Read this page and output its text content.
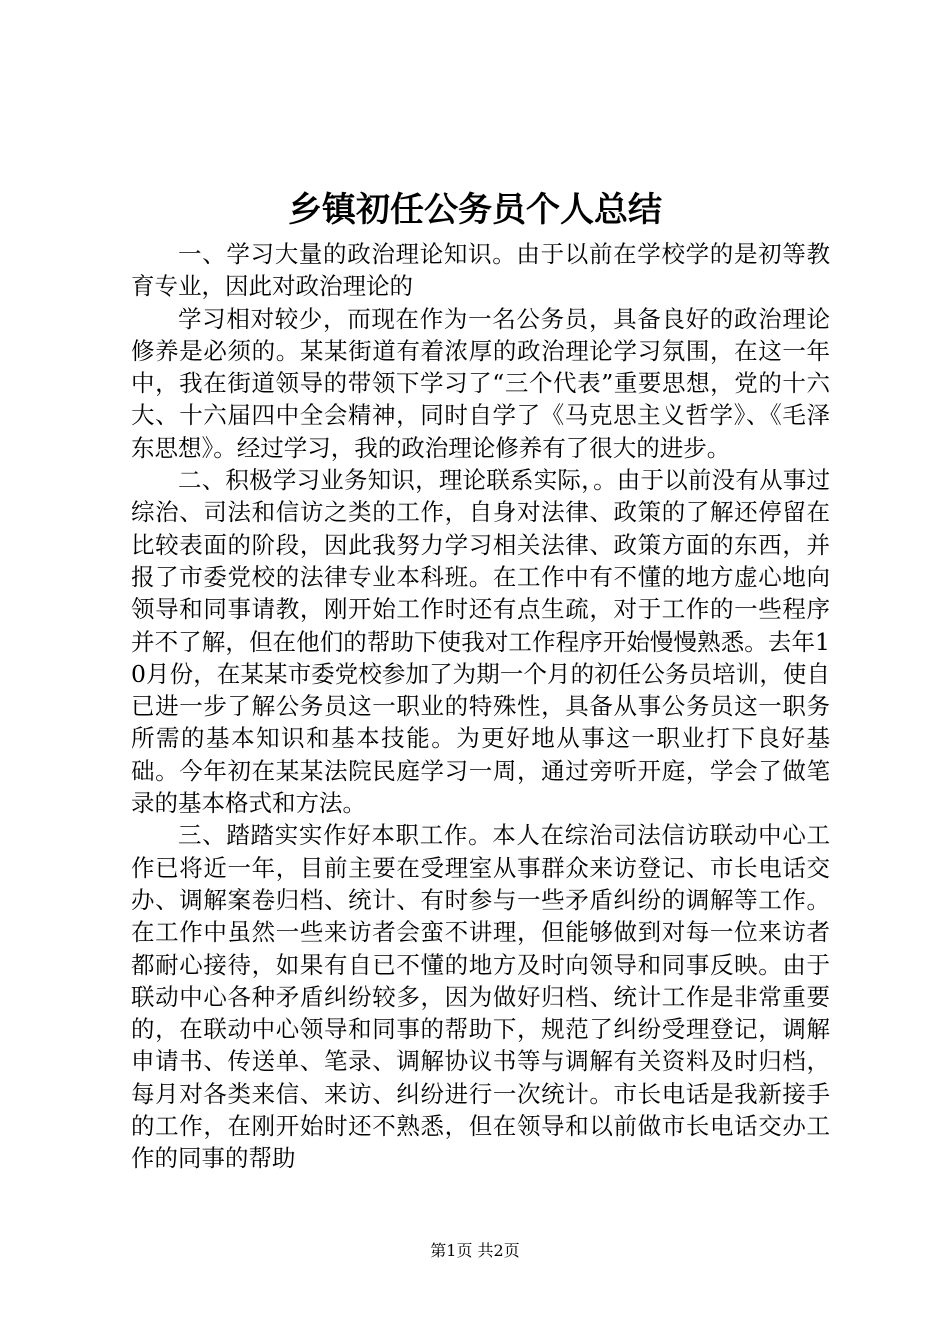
乡镇初任公务员个人总结

一、学习大量的政治理论知识。由于以前在学校学的是初等教育专业，因此对政治理论的

学习相对较少，而现在作为一名公务员，具备良好的政治理论修养是必须的。某某街道有着浓厚的政治理论学习氛围，在这一年中，我在街道领导的带领下学习了“三个代表”重要思想，党的十六大、十六届四中全会精神，同时自学了《马克思主义哲学》、《毛泽东思想》。经过学习，我的政治理论修养有了很大的进步。

二、积极学习业务知识，理论联系实际，。由于以前没有从事过综治、司法和信访之类的工作，自身对法律、政策的了解还停留在比较表面的阶段，因此我努力学习相关法律、政策方面的东西，并报了市委党校的法律专业本科班。在工作中有不懂的地方虚心地向领导和同事请教，刚开始工作时还有点生疏，对于工作的一些程序并不了解，但在他们的帮助下使我对工作程序开始慢慢熟悉。去年10月份，在某某市委党校参加了为期一个月的初任公务员培训，使自已进一步了解公务员这一职业的特殊性，具备从事公务员这一职务所需的基本知识和基本技能。为更好地从事这一职业打下良好基础。今年初在某某法院民庭学习一周，通过旁听开庭，学会了做笔录的基本格式和方法。

三、踏踏实实作好本职工作。本人在综治司法信访联动中心工作已将近一年，目前主要在受理室从事群众来访登记、市长电话交办、调解案卷归档、统计、有时参与一些矛盾纠纷的调解等工作。在工作中虽然一些来访者会蛮不讲理，但能够做到对每一位来访者都耐心接待，如果有自已不懂的地方及时向领导和同事反映。由于联动中心各种矛盾纠纷较多，因为做好归档、统计工作是非常重要的，在联动中心领导和同事的帮助下，规范了纠纷受理登记，调解申请书、传送单、笔录、调解协议书等与调解有关资料及时归档，每月对各类来信、来访、纠纷进行一次统计。市长电话是我新接手的工作，在刚开始时还不熟悉，但在领导和以前做市长电话交办工作的同事的帮助

第1页 共2页
